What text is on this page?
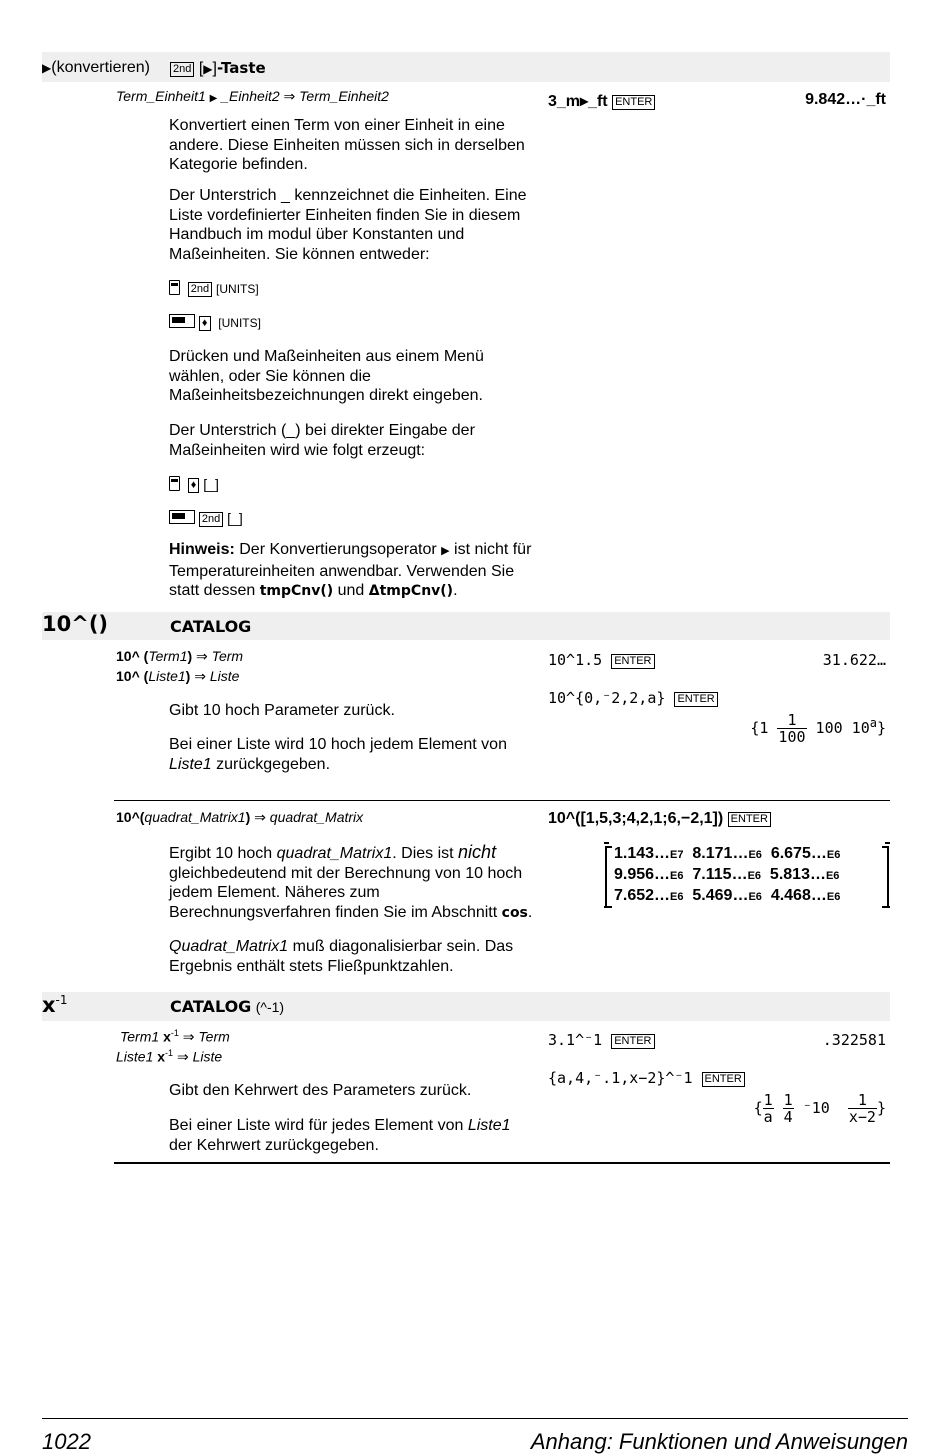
▶(konvertieren) 2nd [▶]-Taste
Term_Einheit1 ▶ _Einheit2 ⇒ Term_Einheit2	3_m▸_ft ENTER	9.842…·_ft
Konvertiert einen Term von einer Einheit in eine andere. Diese Einheiten müssen sich in derselben Kategorie befinden.
Der Unterstrich _ kennzeichnet die Einheiten. Eine Liste vordefinierter Einheiten finden Sie in diesem Handbuch im modul über Konstanten und Maßeinheiten. Sie können entweder:
2nd [UNITS]
♦ [UNITS]
Drücken und Maßeinheiten aus einem Menü wählen, oder Sie können die Maßeinheitsbezeichnungen direkt eingeben.
Der Unterstrich (_) bei direkter Eingabe der Maßeinheiten wird wie folgt erzeugt:
♦ [_]
2nd [_]
Hinweis: Der Konvertierungsoperator ▶ ist nicht für Temperatureinheiten anwendbar. Verwenden Sie statt dessen tmpCnv() und ΔtmpCnv().
10^()	CATALOG
10^ (Term1) ⇒ Term
10^ (Liste1) ⇒ Liste
Gibt 10 hoch Parameter zurück.
Bei einer Liste wird 10 hoch jedem Element von Liste1 zurückgegeben.
10^1.5 ENTER	31.622…
10^{0,⁻2,2,a} ENTER
{$1 \frac{1}{100} 100$ 10$^a$}
10^(quadrat_Matrix1) ⇒ quadrat_Matrix	10^([1,5,3;4,2,1;6,−2,1]) ENTER
1.143…E7 8.171…E6 6.675…E6
9.956…E6 7.115…E6 5.813…E6
7.652…E6 5.469…E6 4.468…E6
Ergibt 10 hoch quadrat_Matrix1. Dies ist nicht gleichbedeutend mit der Berechnung von 10 hoch jedem Element. Näheres zum Berechnungsverfahren finden Sie im Abschnitt cos.
Quadrat_Matrix1 muß diagonalisierbar sein. Das Ergebnis enthält stets Fließpunktzahlen.
$x^{-1}$	CATALOG (^-1)
Term1 $x^{-1}$ ⇒ Term
Liste1 $x^{-1}$ ⇒ Liste
Gibt den Kehrwert des Parameters zurück.
Bei einer Liste wird für jedes Element von Liste1 der Kehrwert zurückgegeben.
3.1^⁻1 ENTER	.322581
{a,4,⁻.1,x−2}^⁻1 ENTER
{ $\frac{1}{a}$
$\frac{1}{4} ^-10 \frac{1}{x-2}$ }
1022	Anhang: Funktionen und Anweisungen
